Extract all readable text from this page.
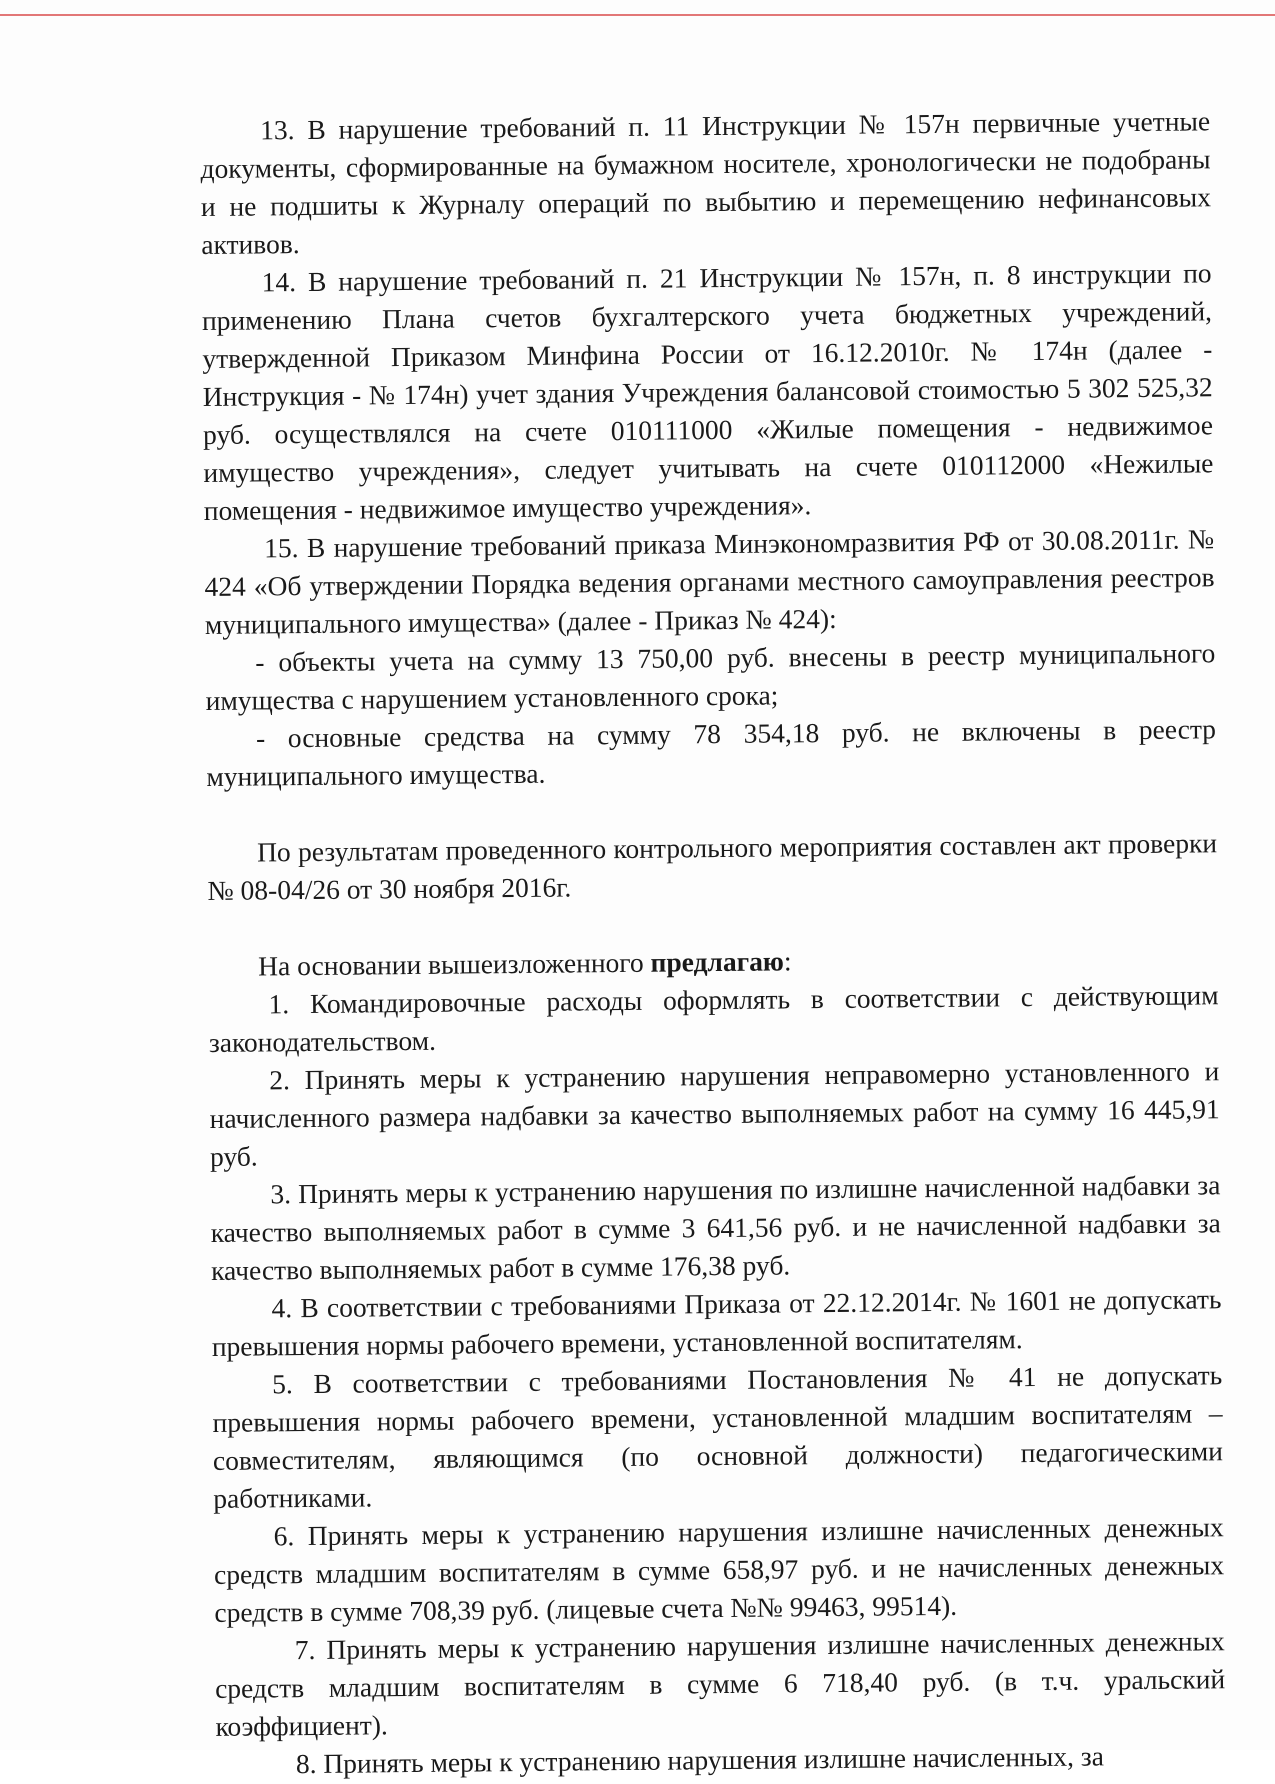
13. В нарушение требований п. 11 Инструкции № 157н первичные учетные документы, сформированные на бумажном носителе, хронологически не подобраны и не подшиты к Журналу операций по выбытию и перемещению нефинансовых активов.

14. В нарушение требований п. 21 Инструкции № 157н, п. 8 инструкции по применению Плана счетов бухгалтерского учета бюджетных учреждений, утвержденной Приказом Минфина России от 16.12.2010г. № 174н (далее - Инструкция - № 174н) учет здания Учреждения балансовой стоимостью 5 302 525,32 руб. осуществлялся на счете 010111000 «Жилые помещения - недвижимое имущество учреждения», следует учитывать на счете 010112000 «Нежилые помещения - недвижимое имущество учреждения».

15. В нарушение требований приказа Минэкономразвития РФ от 30.08.2011г. № 424 «Об утверждении Порядка ведения органами местного самоуправления реестров муниципального имущества» (далее - Приказ № 424):

- объекты учета на сумму 13 750,00 руб. внесены в реестр муниципального имущества с нарушением установленного срока;

- основные средства на сумму 78 354,18 руб. не включены в реестр муниципального имущества.

По результатам проведенного контрольного мероприятия составлен акт проверки № 08-04/26 от 30 ноября 2016г.

На основании вышеизложенного предлагаю:

1. Командировочные расходы оформлять в соответствии с действующим законодательством.

2. Принять меры к устранению нарушения неправомерно установленного и начисленного размера надбавки за качество выполняемых работ на сумму 16 445,91 руб.

3. Принять меры к устранению нарушения по излишне начисленной надбавки за качество выполняемых работ в сумме 3 641,56 руб. и не начисленной надбавки за качество выполняемых работ в сумме 176,38 руб.

4. В соответствии с требованиями Приказа от 22.12.2014г. № 1601 не допускать превышения нормы рабочего времени, установленной воспитателям.

5. В соответствии с требованиями Постановления № 41 не допускать превышения нормы рабочего времени, установленной младшим воспитателям – совместителям, являющимся (по основной должности) педагогическими работниками.

6. Принять меры к устранению нарушения излишне начисленных денежных средств младшим воспитателям в сумме 658,97 руб. и не начисленных денежных средств в сумме 708,39 руб. (лицевые счета №№ 99463, 99514).

7. Принять меры к устранению нарушения излишне начисленных денежных средств младшим воспитателям в сумме 6 718,40 руб. (в т.ч. уральский коэффициент).

8. Принять меры к устранению нарушения излишне начисленных, за
